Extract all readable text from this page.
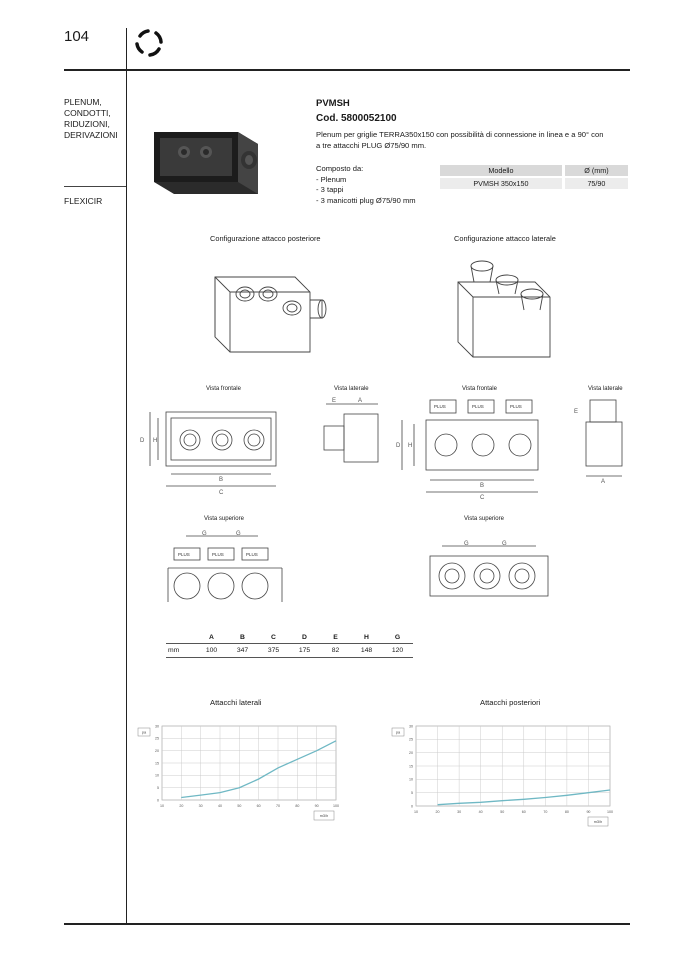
104
PLENUM, CONDOTTI, RIDUZIONI, DERIVAZIONI
FLEXICIR
PVMSH
Cod. 5800052100
Plenum per griglie TERRA350x150 con possibilità di connessione in linea e a 90° con a tre attacchi PLUG Ø75/90 mm.
Composto da:
- Plenum
- 3 tappi
- 3 manicotti plug Ø75/90 mm
Modello	Ø (mm)
PVMSH 350x150	75/90
Configurazione attacco posteriore	Configurazione attacco laterale
Vista frontale	Vista laterale	Vista frontale	Vista laterale
D H
B
C
E	A
PLUS	PLUS	PLUS
D H
B
C
E
A
Vista superiore	Vista superiore
G	G
PLUS	PLUS	PLUS
G	G
	A	B	C	D	E	H	G
mm	100	347	375	175	82	148	120
Attacchi laterali	Attacchi posteriori
10	20	30	40	50	60	70	80	90	100
0
5
10
15
20
25
30
pa
m3/h
10	20	30	40	50	60	70	80	90	100
0
5
10
15
20
25
30
pa
m3/h
